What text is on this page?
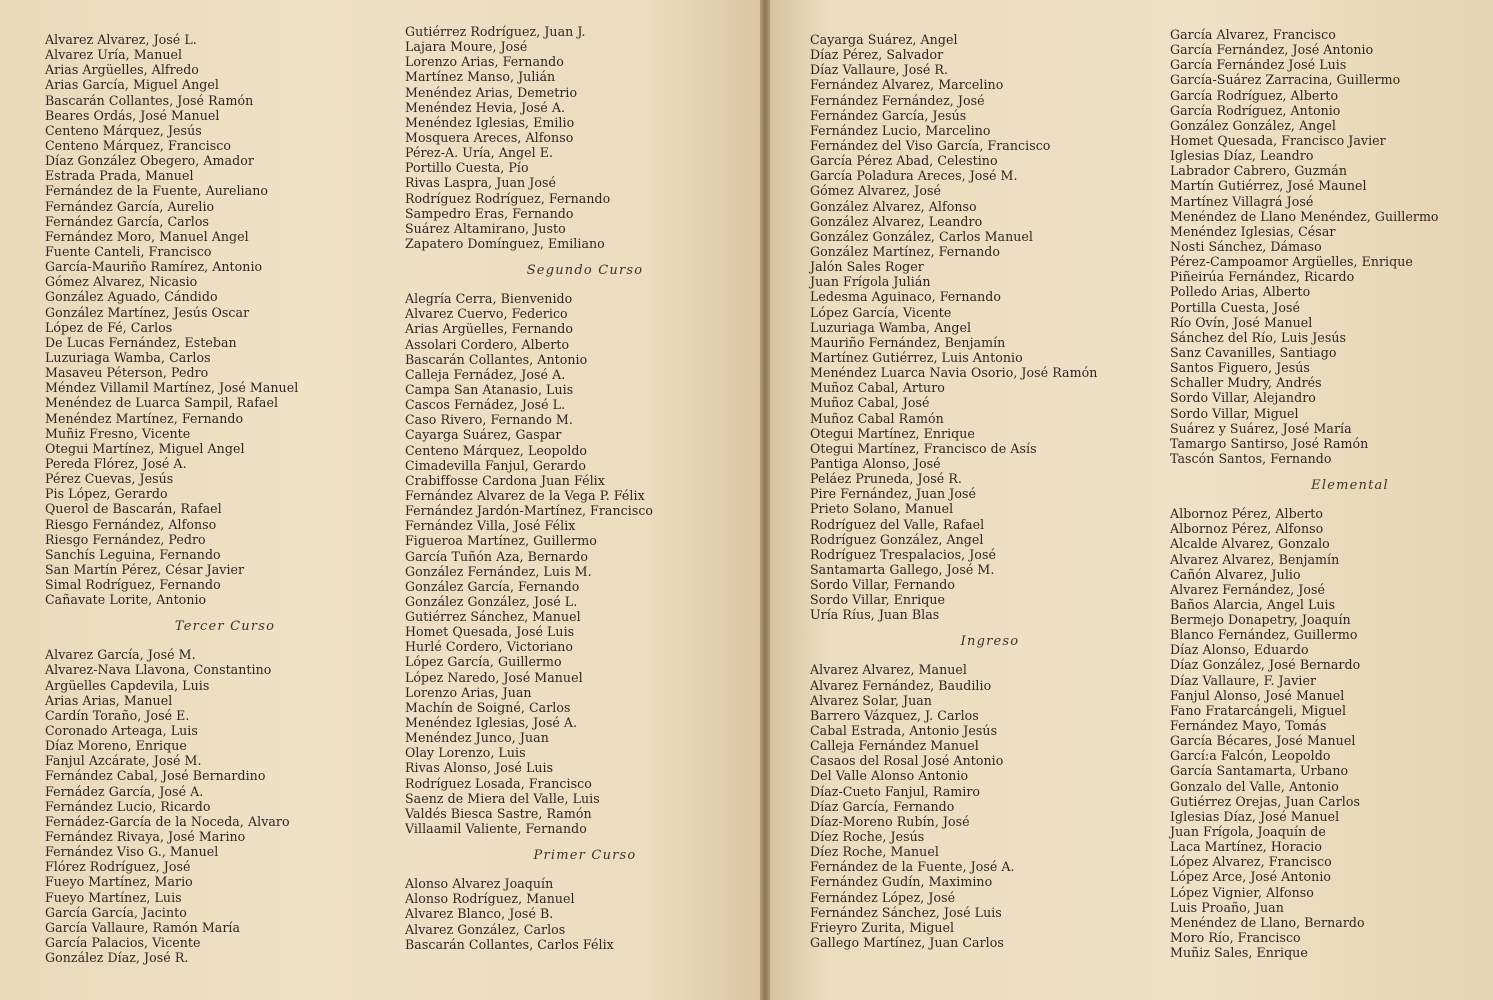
Alvarez Alvarez, José L.
Alvarez Uría, Manuel
Arias Argüelles, Alfredo
Arias García, Miguel Angel
Bascarán Collantes, José Ramón
Beares Ordás, José Manuel
Centeno Márquez, Jesús
Centeno Márquez, Francisco
Díaz González Obegero, Amador
Estrada Prada, Manuel
Fernández de la Fuente, Aureliano
Fernández García, Aurelio
Fernández García, Carlos
Fernández Moro, Manuel Angel
Fuente Canteli, Francisco
García-Mauriño Ramírez, Antonio
Gómez Alvarez, Nicasio
González Aguado, Cándido
González Martínez, Jesús Oscar
López de Fé, Carlos
De Lucas Fernández, Esteban
Luzuriaga Wamba, Carlos
Masaveu Péterson, Pedro
Méndez Villamil Martínez, José Manuel
Menéndez de Luarca Sampil, Rafael
Menéndez Martínez, Fernando
Muñiz Fresno, Vicente
Otegui Martínez, Miguel Angel
Pereda Flórez, José A.
Pérez Cuevas, Jesús
Pis López, Gerardo
Querol de Bascarán, Rafael
Riesgo Fernández, Alfonso
Riesgo Fernández, Pedro
Sanchís Leguina, Fernando
San Martín Pérez, César Javier
Simal Rodríguez, Fernando
Cañavate Lorite, Antonio
Tercer Curso
Alvarez García, José M.
Alvarez-Nava Llavona, Constantino
Argüelles Capdevila, Luis
Arias Arias, Manuel
Cardín Toraño, José E.
Coronado Arteaga, Luis
Díaz Moreno, Enrique
Fanjul Azcárate, José M.
Fernández Cabal, José Bernardino
Fernádez García, José A.
Fernández Lucio, Ricardo
Fernádez-García de la Noceda, Alvaro
Fernández Rivaya, José Marino
Fernández Viso G., Manuel
Flórez Rodríguez, José
Fueyo Martínez, Mario
Fueyo Martínez, Luis
García García, Jacinto
García Vallaure, Ramón María
García Palacios, Vicente
González Díaz, José R.
Gutiérrez Rodríguez, Juan J.
Lajara Moure, José
Lorenzo Arias, Fernando
Martínez Manso, Julián
Menéndez Arias, Demetrio
Menéndez Hevia, José A.
Menéndez Iglesias, Emilio
Mosquera Areces, Alfonso
Pérez-A. Uría, Angel E.
Portillo Cuesta, Pío
Rivas Laspra, Juan José
Rodríguez Rodríguez, Fernando
Sampedro Eras, Fernando
Suárez Altamirano, Justo
Zapatero Domínguez, Emiliano
Segundo Curso
Alegría Cerra, Bienvenido
Alvarez Cuervo, Federico
Arias Argüelles, Fernando
Assolari Cordero, Alberto
Bascarán Collantes, Antonio
Calleja Fernádez, José A.
Campa San Atanasio, Luis
Cascos Fernádez, José L.
Caso Rivero, Fernando M.
Cayarga Suárez, Gaspar
Centeno Márquez, Leopoldo
Cimadevilla Fanjul, Gerardo
Crabiffosse Cardona Juan Félix
Fernández Alvarez de la Vega P. Félix
Fernández Jardón-Martínez, Francisco
Fernández Villa, José Félix
Figueroa Martínez, Guillermo
García Tuñón Aza, Bernardo
González Fernández, Luis M.
González García, Fernando
González González, José L.
Gutiérrez Sánchez, Manuel
Homet Quesada, José Luis
Hurlé Cordero, Victoriano
López García, Guillermo
López Naredo, José Manuel
Lorenzo Arias, Juan
Machín de Soigné, Carlos
Menéndez Iglesias, José A.
Menéndez Junco, Juan
Olay Lorenzo, Luis
Rivas Alonso, José Luis
Rodríguez Losada, Francisco
Saenz de Miera del Valle, Luis
Valdés Biesca Sastre, Ramón
Villaamil Valiente, Fernando
Primer Curso
Alonso Alvarez Joaquín
Alonso Rodríguez, Manuel
Alvarez Blanco, José B.
Alvarez González, Carlos
Bascarán Collantes, Carlos Félix
Cayarga Suárez, Angel
Díaz Pérez, Salvador
Díaz Vallaure, José R.
Fernández Alvarez, Marcelino
Fernández Fernández, José
Fernández García, Jesús
Fernández Lucio, Marcelino
Fernández del Viso García, Francisco
García Pérez Abad, Celestino
García Poladura Areces, José M.
Gómez Alvarez, José
González Alvarez, Alfonso
González Alvarez, Leandro
González González, Carlos Manuel
González Martínez, Fernando
Jalón Sales Roger
Juan Frígola Julián
Ledesma Aguinaco, Fernando
López García, Vicente
Luzuriaga Wamba, Angel
Mauriño Fernández, Benjamín
Martínez Gutiérrez, Luis Antonio
Menéndez Luarca Navia Osorio, José Ramón
Muñoz Cabal, Arturo
Muñoz Cabal, José
Muñoz Cabal Ramón
Otegui Martínez, Enrique
Otegui Martínez, Francisco de Asís
Pantiga Alonso, José
Peláez Pruneda, José R.
Pire Fernández, Juan José
Prieto Solano, Manuel
Rodríguez del Valle, Rafael
Rodríguez González, Angel
Rodríguez Trespalacios, José
Santamarta Gallego, José M.
Sordo Villar, Fernando
Sordo Villar, Enrique
Uría Ríus, Juan Blas
Ingreso
Alvarez Alvarez, Manuel
Alvarez Fernández, Baudilio
Alvarez Solar, Juan
Barrero Vázquez, J. Carlos
Cabal Estrada, Antonio Jesús
Calleja Fernández Manuel
Casaos del Rosal José Antonio
Del Valle Alonso Antonio
Díaz-Cueto Fanjul, Ramiro
Díaz García, Fernando
Díaz-Moreno Rubín, José
Díez Roche, Jesús
Díez Roche, Manuel
Fernández de la Fuente, José A.
Fernández Gudín, Maximino
Fernández López, José
Fernández Sánchez, José Luis
Frieyro Zurita, Miguel
Gallego Martínez, Juan Carlos
García Alvarez, Francisco
García Fernández, José Antonio
García Fernández José Luis
García-Suárez Zarracina, Guillermo
García Rodríguez, Alberto
García Rodríguez, Antonio
González González, Angel
Homet Quesada, Francisco Javier
Iglesias Díaz, Leandro
Labrador Cabrero, Guzmán
Martín Gutiérrez, José Maunel
Martínez Villagrá José
Menéndez de Llano Menéndez, Guillermo
Menéndez Iglesias, César
Nosti Sánchez, Dámaso
Pérez-Campoamor Argüelles, Enrique
Piñeirúa Fernández, Ricardo
Polledo Arias, Alberto
Portilla Cuesta, José
Río Ovín, José Manuel
Sánchez del Río, Luis Jesús
Sanz Cavanilles, Santiago
Santos Figuero, Jesús
Schaller Mudry, Andrés
Sordo Villar, Alejandro
Sordo Villar, Miguel
Suárez y Suárez, José María
Tamargo Santirso, José Ramón
Tascón Santos, Fernando
Elemental
Albornoz Pérez, Alberto
Albornoz Pérez, Alfonso
Alcalde Alvarez, Gonzalo
Alvarez Alvarez, Benjamín
Cañón Alvarez, Julio
Alvarez Fernández, José
Baños Alarcia, Angel Luis
Bermejo Donapetry, Joaquín
Blanco Fernández, Guillermo
Díaz Alonso, Eduardo
Díaz González, José Bernardo
Díaz Vallaure, F. Javier
Fanjul Alonso, José Manuel
Fano Fratarcángeli, Miguel
Fernández Mayo, Tomás
García Bécares, José Manuel
Garcí:a Falcón, Leopoldo
García Santamarta, Urbano
Gonzalo del Valle, Antonio
Gutiérrez Orejas, Juan Carlos
Iglesias Díaz, José Manuel
Juan Frígola, Joaquín de
Laca Martínez, Horacio
López Alvarez, Francisco
López Arce, José Antonio
López Vignier, Alfonso
Luis Proaño, Juan
Menéndez de Llano, Bernardo
Moro Río, Francisco
Muñiz Sales, Enrique
